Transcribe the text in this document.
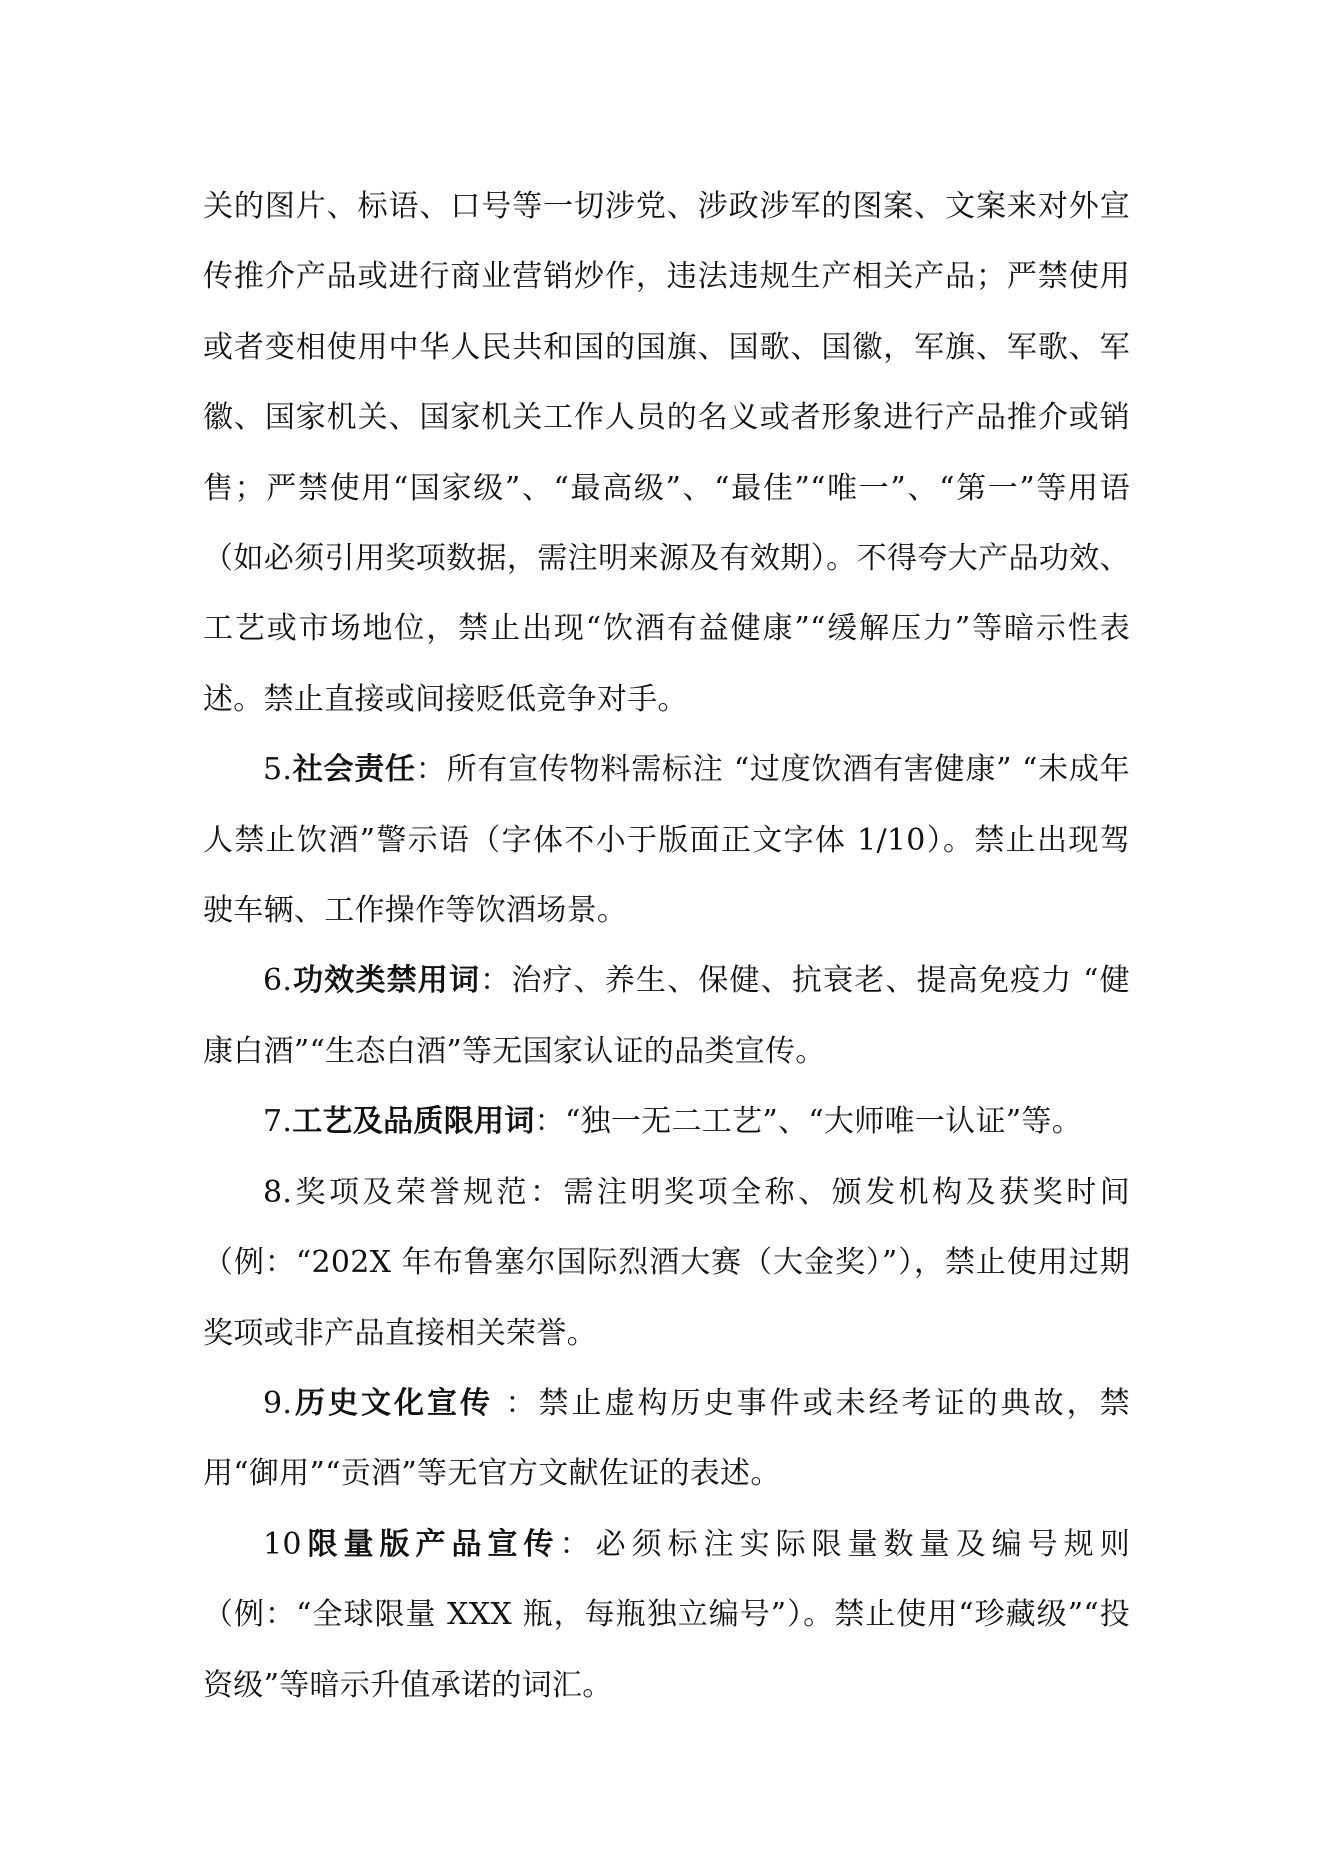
关的图片、标语、口号等一切涉党、涉政涉军的图案、文案来对外宣传推介产品或进行商业营销炒作，违法违规生产相关产品；严禁使用或者变相使用中华人民共和国的国旗、国歌、国徽，军旗、军歌、军徽、国家机关、国家机关工作人员的名义或者形象进行产品推介或销售；严禁使用“国家级”、“最高级”、“最佳”“唯一”、“第一”等用语（如必须引用奖项数据，需注明来源及有效期）。不得夸大产品功效、工艺或市场地位，禁止出现“饮酒有益健康”“缓解压力”等暗示性表述。禁止直接或间接贬低竞争对手。

5.社会责任：所有宣传物料需标注 “过度饮酒有害健康” “未成年人禁止饮酒”警示语（字体不小于版面正文字体 1/10）。禁止出现驾驶车辆、工作操作等饮酒场景。

6.功效类禁用词：治疗、养生、保健、抗衰老、提高免疫力 “健康白酒”“生态白酒”等无国家认证的品类宣传。

7.工艺及品质限用词：“独一无二工艺”、“大师唯一认证”等。

8.奖项及荣誉规范：需注明奖项全称、颁发机构及获奖时间（例：“202X 年布鲁塞尔国际烈酒大赛（大金奖）”），禁止使用过期奖项或非产品直接相关荣誉。

9.历史文化宣传 ：禁止虚构历史事件或未经考证的典故，禁用“御用”“贡酒”等无官方文献佐证的表述。

10限量版产品宣传：必须标注实际限量数量及编号规则（例：“全球限量 XXX 瓶，每瓶独立编号”）。禁止使用“珍藏级”“投资级”等暗示升值承诺的词汇。
